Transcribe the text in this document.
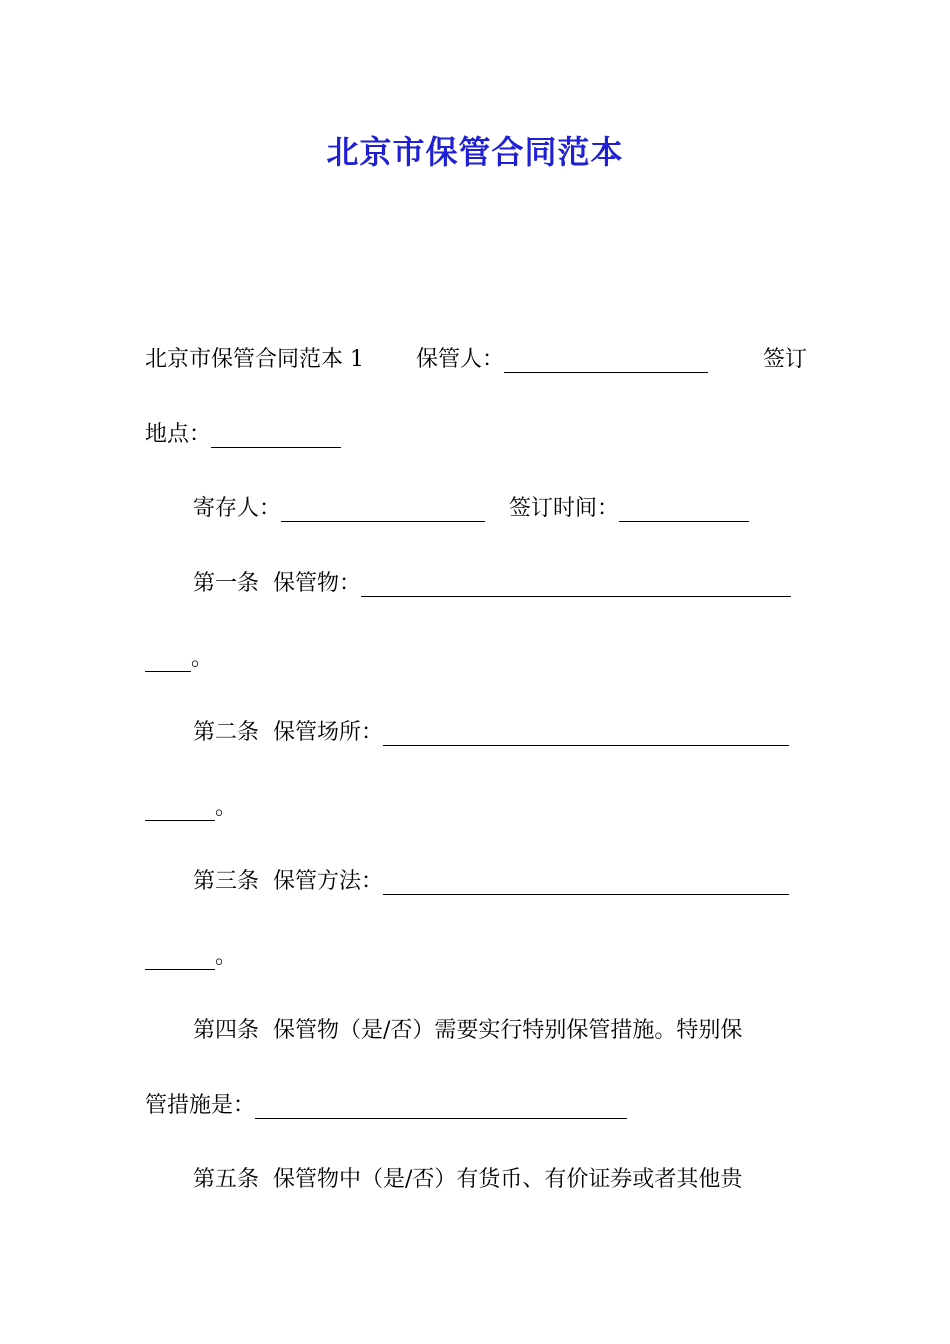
北京市保管合同范本
北京市保管合同范本 1 保管人：	签订
地点：
寄存人：	签订时间：
第一条 保管物：
。
第二条 保管场所：
。
第三条 保管方法：
。
第四条 保管物（是/否）需要实行特别保管措施。特别保
管措施是：
第五条 保管物中（是/否）有货币、有价证券或者其他贵
